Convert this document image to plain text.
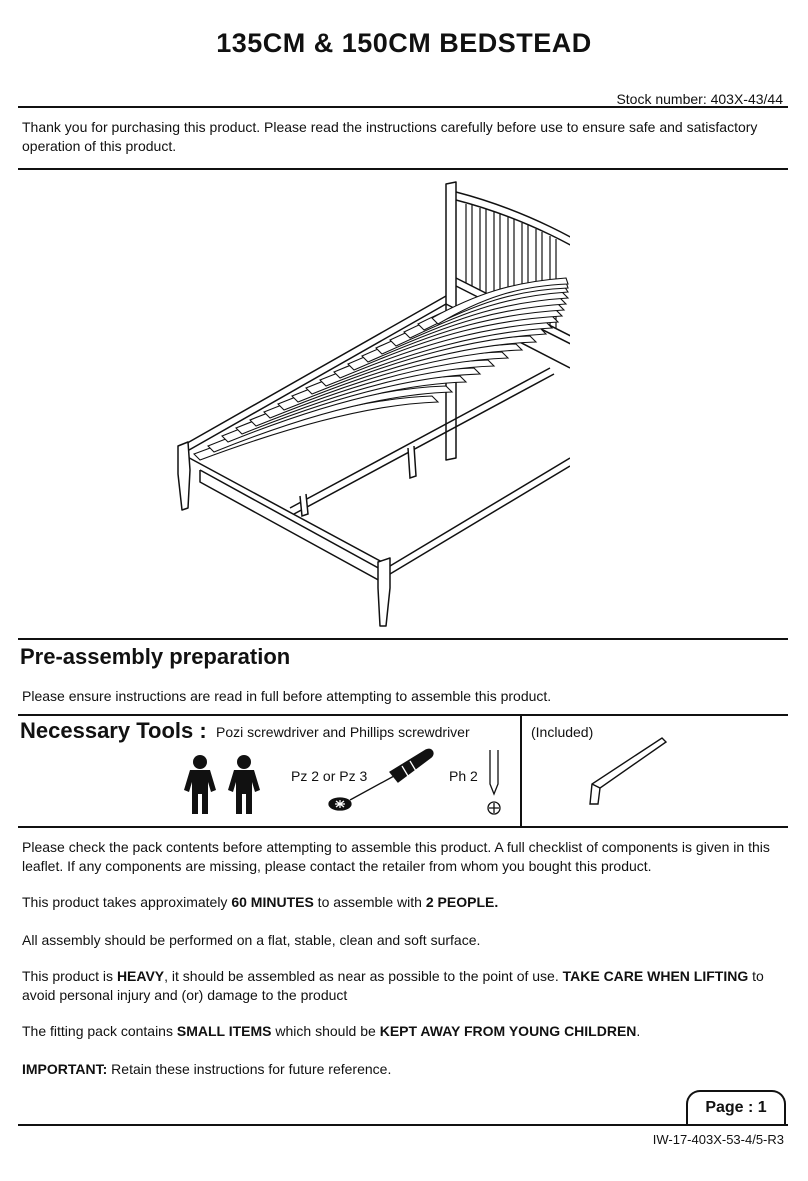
135CM & 150CM BEDSTEAD
Stock number: 403X-43/44
Thank you for purchasing this product. Please read the instructions carefully before use to ensure safe and satisfactory operation of this product.
Pre-assembly preparation
Please ensure instructions are read in full before attempting to assemble this product.
Necessary Tools : Pozi screwdriver and Phillips screwdriver	(Included)
Pz 2 or Pz 3	Ph 2
Please check the pack contents before attempting to assemble this product. A full checklist of components is given in this leaflet. If any components are missing, please contact the retailer from whom you bought this product.
This product takes approximately 60 MINUTES to assemble with 2 PEOPLE.
All assembly should be performed on a flat, stable, clean and soft surface.
This product is HEAVY, it should be assembled as near as possible to the point of use. TAKE CARE WHEN LIFTING to avoid personal injury and (or) damage to the product
The fitting pack contains SMALL ITEMS which should be KEPT AWAY FROM YOUNG CHILDREN.
IMPORTANT: Retain these instructions for future reference.
Page : 1
IW-17-403X-53-4/5-R3
